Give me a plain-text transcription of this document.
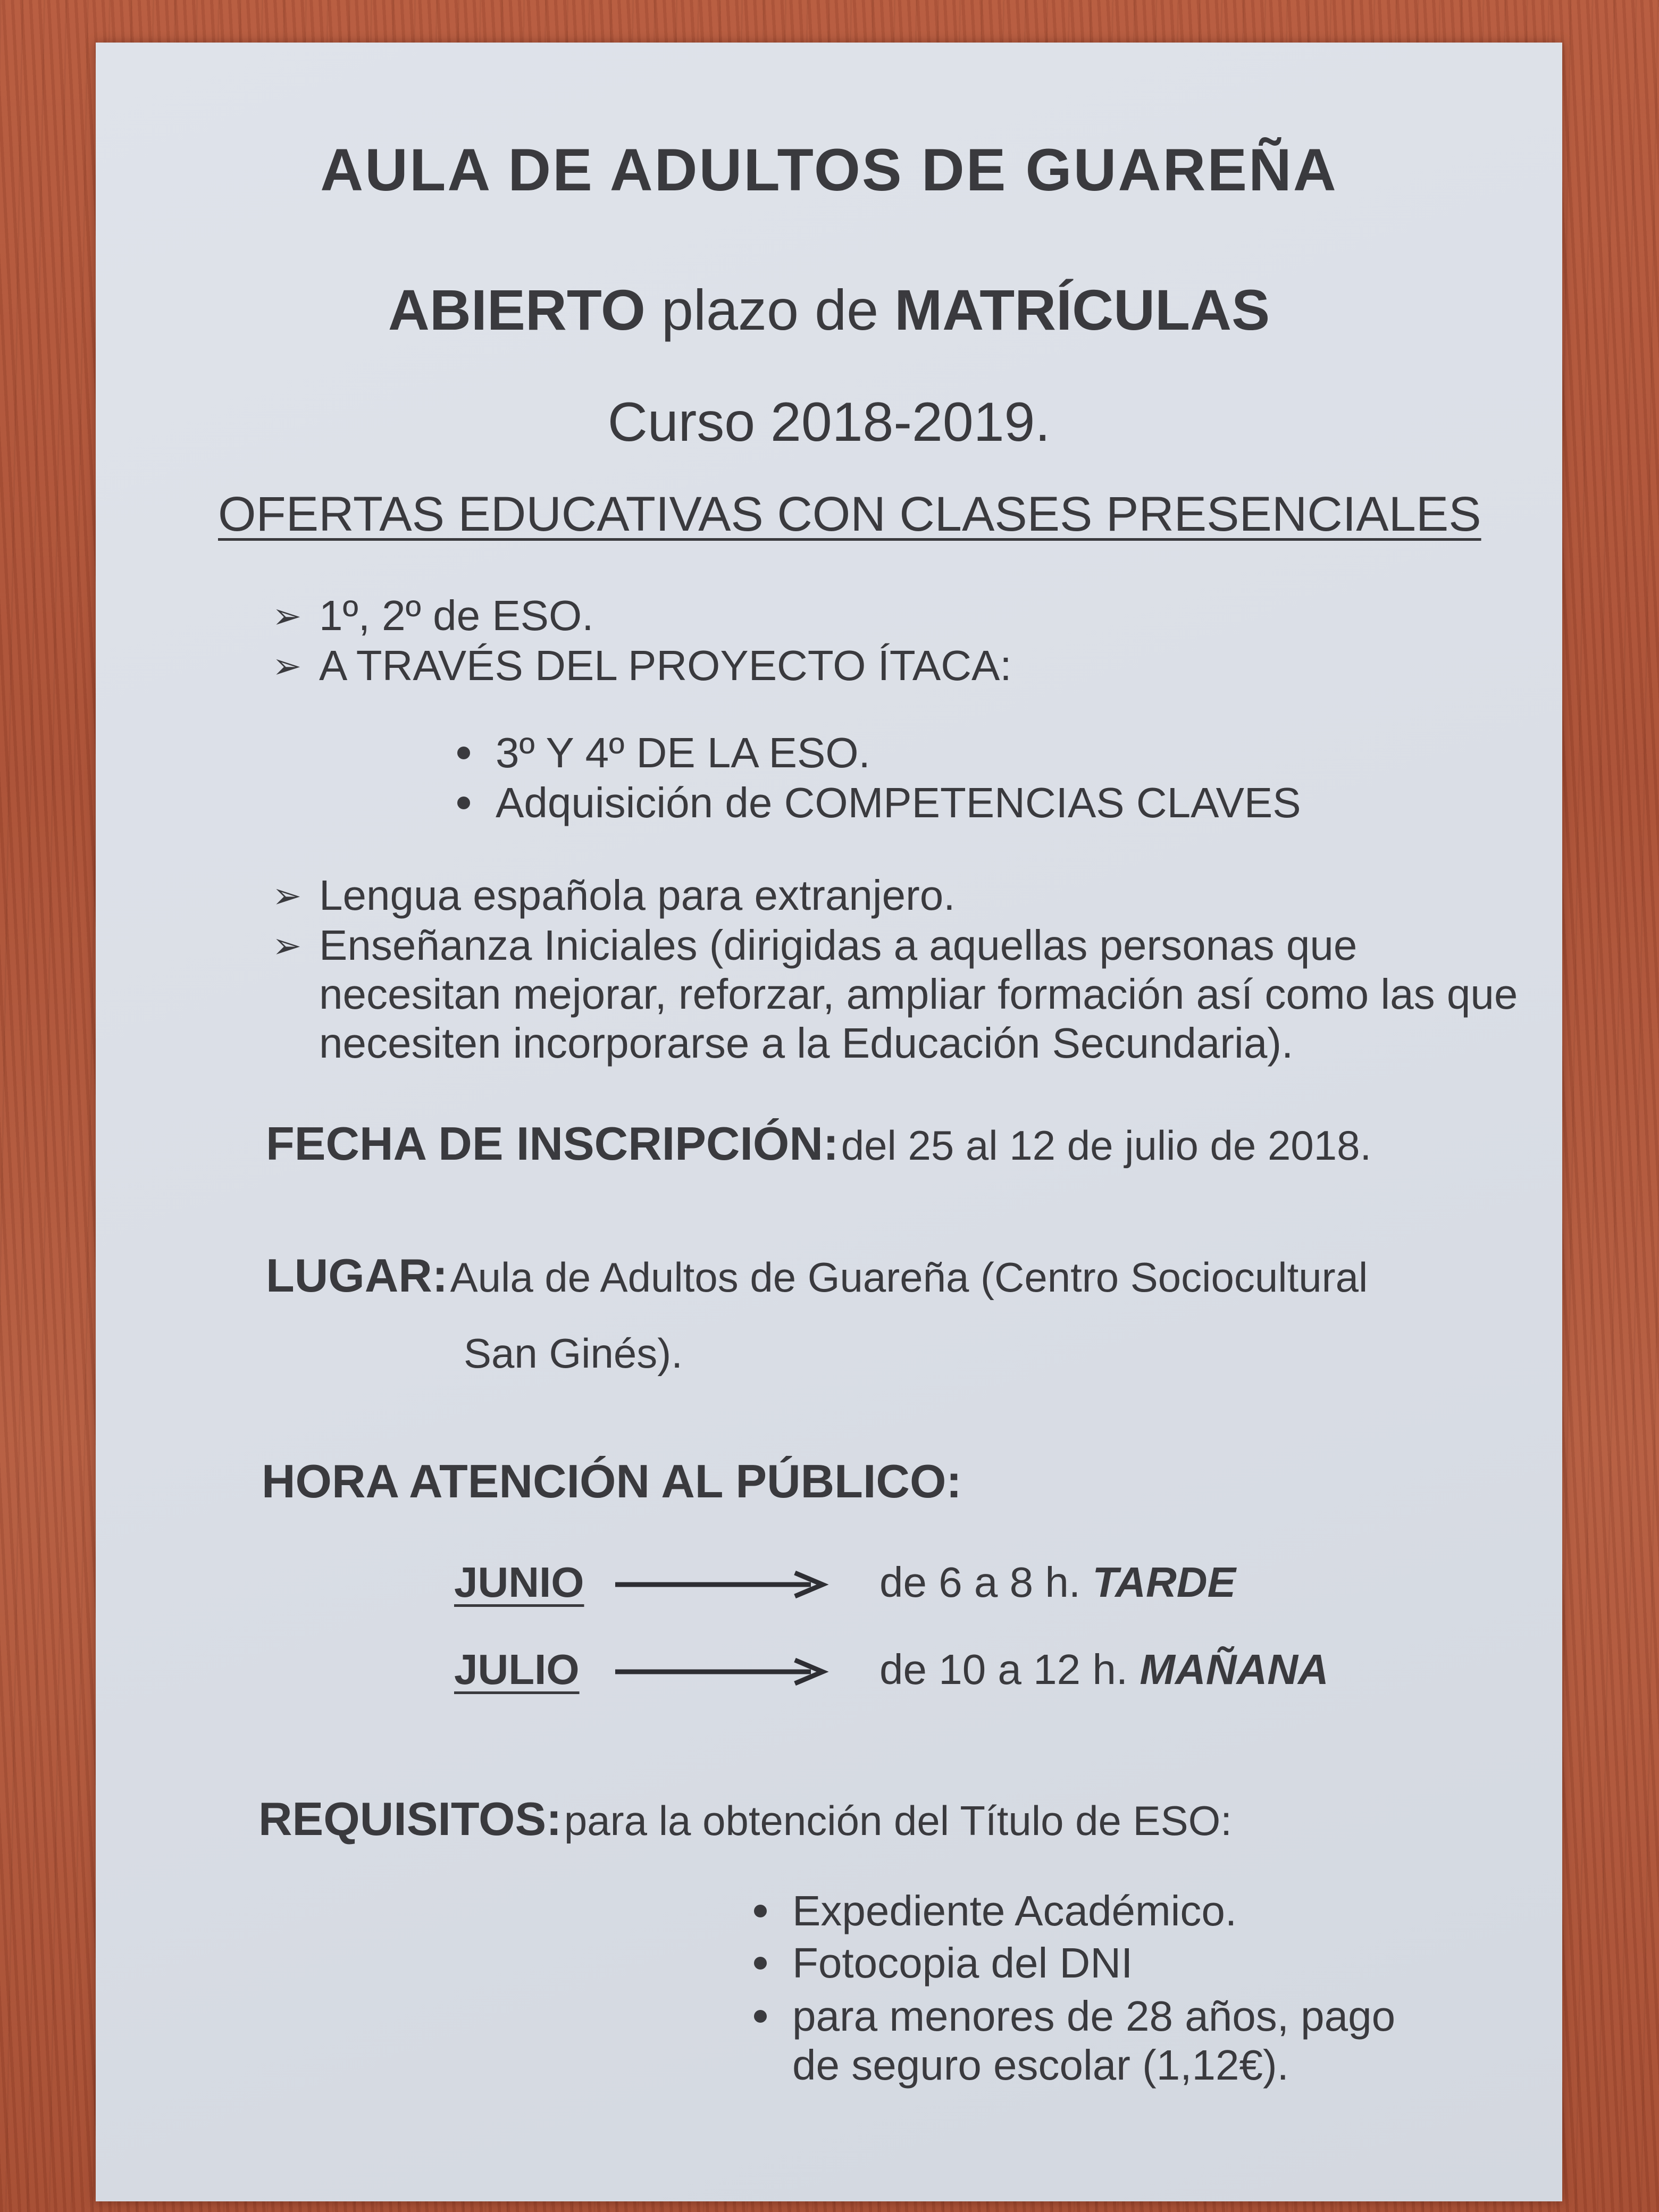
AULA DE ADULTOS DE GUAREÑA
ABIERTO plazo de MATRÍCULAS
Curso 2018-2019.
OFERTAS EDUCATIVAS CON CLASES PRESENCIALES
➢ 1º, 2º de ESO.
➢ A TRAVÉS DEL PROYECTO ÍTACA:
3º Y 4º DE LA ESO.
Adquisición de COMPETENCIAS CLAVES
➢ Lengua española para extranjero.
➢ Enseñanza Iniciales (dirigidas a aquellas personas que necesitan mejorar, reforzar, ampliar formación así como las que necesiten incorporarse a la Educación Secundaria).
FECHA DE INSCRIPCIÓN: del 25 al 12 de julio de 2018.
LUGAR: Aula de Adultos de Guareña (Centro Sociocultural
San Ginés).
HORA ATENCIÓN AL PÚBLICO:
JUNIO	de 6 a 8 h. TARDE
JULIO	de 10 a 12 h. MAÑANA
REQUISITOS: para la obtención del Título de ESO:
Expediente Académico.
Fotocopia del DNI
para menores de 28 años, pago de seguro escolar (1,12€).
